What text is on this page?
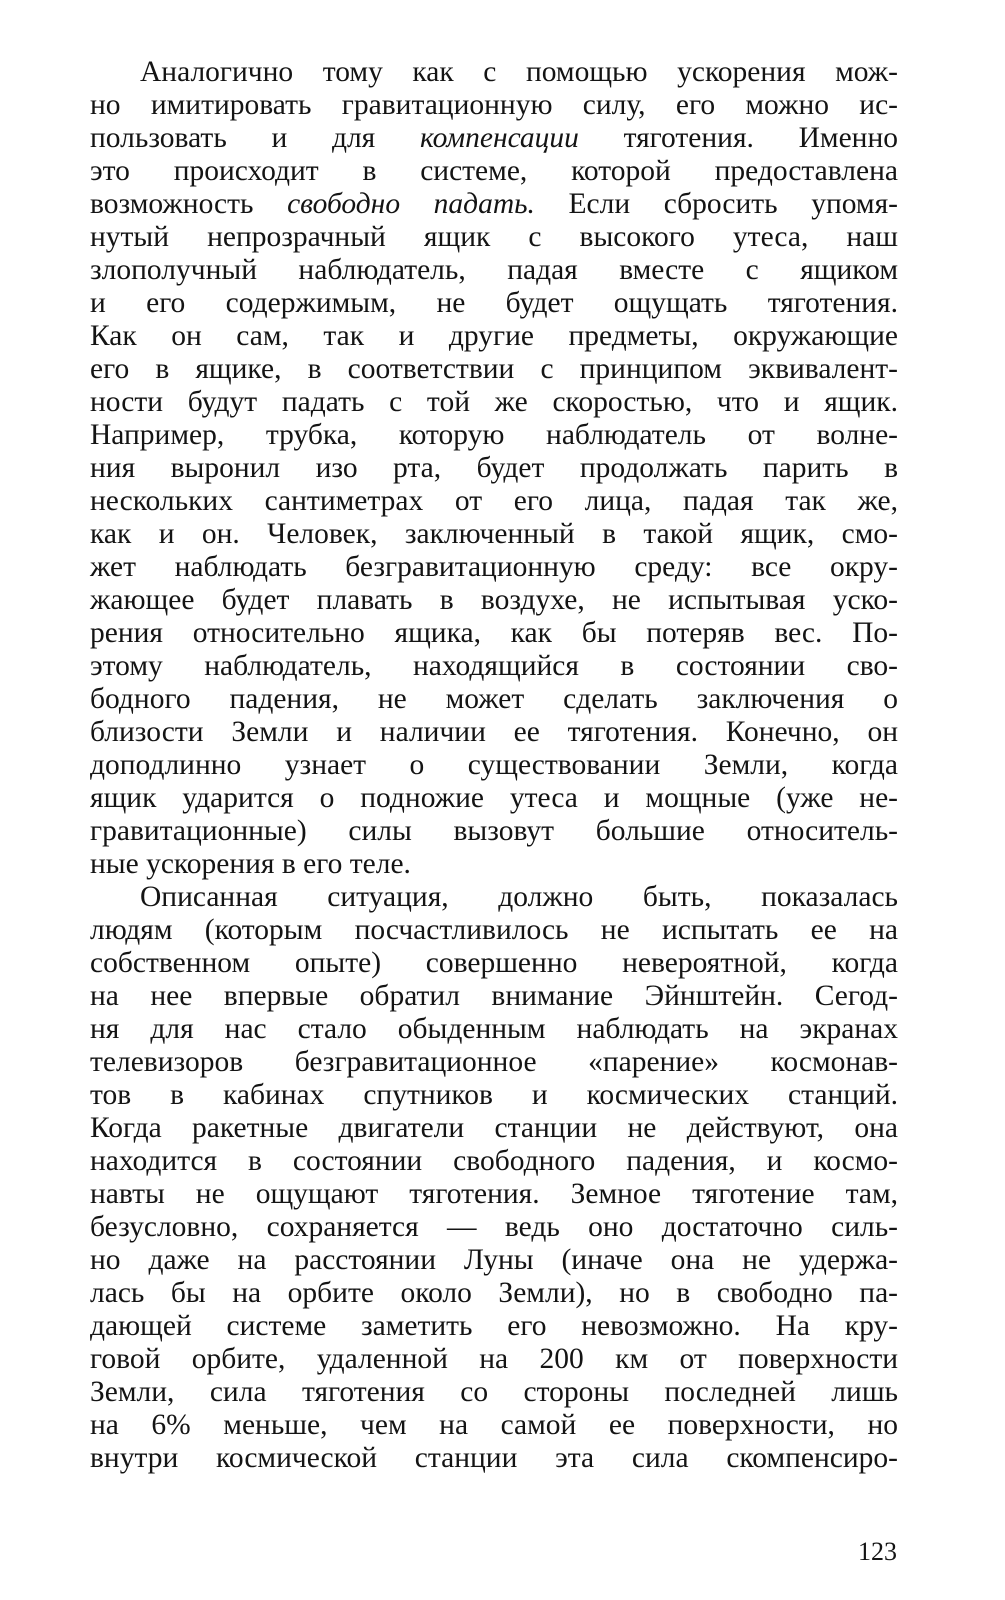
Аналогично тому как с помощью ускорения мож-
но имитировать гравитационную силу, его можно ис-
пользовать и для компенсации тяготения. Именно
это происходит в системе, которой предоставлена
возможность свободно падать. Если сбросить упомя-
нутый непрозрачный ящик с высокого утеса, наш
злополучный наблюдатель, падая вместе с ящиком
и его содержимым, не будет ощущать тяготения.
Как он сам, так и другие предметы, окружающие
его в ящике, в соответствии с принципом эквивалент-
ности будут падать с той же скоростью, что и ящик.
Например, трубка, которую наблюдатель от волне-
ния выронил изо рта, будет продолжать парить в
нескольких сантиметрах от его лица, падая так же,
как и он. Человек, заключенный в такой ящик, смо-
жет наблюдать безгравитационную среду: все окру-
жающее будет плавать в воздухе, не испытывая уско-
рения относительно ящика, как бы потеряв вес. По-
этому наблюдатель, находящийся в состоянии сво-
бодного падения, не может сделать заключения о
близости Земли и наличии ее тяготения. Конечно, он
доподлинно узнает о существовании Земли, когда
ящик ударится о подножие утеса и мощные (уже не-
гравитационные) силы вызовут большие относитель-
ные ускорения в его теле.
Описанная ситуация, должно быть, показалась
людям (которым посчастливилось не испытать ее на
собственном опыте) совершенно невероятной, когда
на нее впервые обратил внимание Эйнштейн. Сегод-
ня для нас стало обыденным наблюдать на экранах
телевизоров безгравитационное «парение» космонав-
тов в кабинах спутников и космических станций.
Когда ракетные двигатели станции не действуют, она
находится в состоянии свободного падения, и космо-
навты не ощущают тяготения. Земное тяготение там,
безусловно, сохраняется — ведь оно достаточно силь-
но даже на расстоянии Луны (иначе она не удержа-
лась бы на орбите около Земли), но в свободно па-
дающей системе заметить его невозможно. На кру-
говой орбите, удаленной на 200 км от поверхности
Земли, сила тяготения со стороны последней лишь
на 6% меньше, чем на самой ее поверхности, но
внутри космической станции эта сила скомпенсиро-
123
